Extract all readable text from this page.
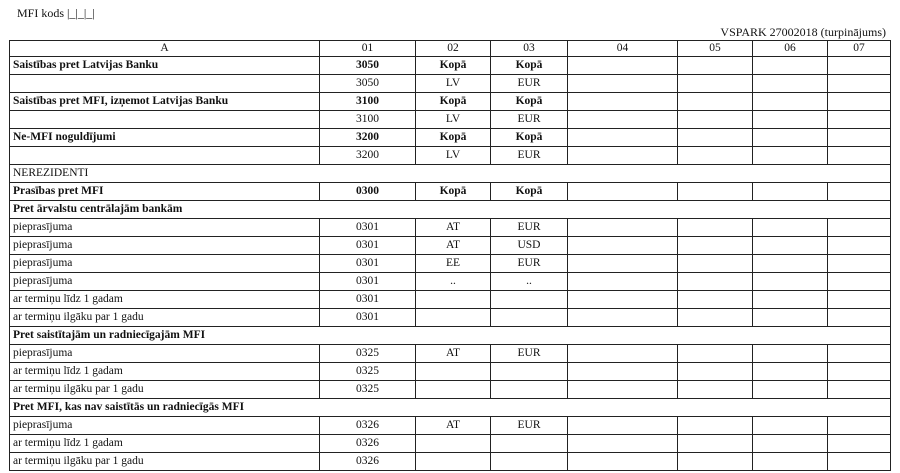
MFI kods |_|_|_|
VSPARK 27002018 (turpinājums)
A	01	02	03	04	05	06	07
Saistības pret Latvijas Banku	3050	Kopā	Kopā				
	3050	LV	EUR				
Saistības pret MFI, izņemot Latvijas Banku	3100	Kopā	Kopā				
	3100	LV	EUR				
Ne-MFI noguldījumi	3200	Kopā	Kopā				
	3200	LV	EUR				
NEREZIDENTI							
Prasības pret MFI	0300	Kopā	Kopā				
Pret ārvalstu centrālajām bankām							
pieprasījuma	0301	AT	EUR				
pieprasījuma	0301	AT	USD				
pieprasījuma	0301	EE	EUR				
pieprasījuma	0301	..	..				
ar termiņu līdz 1 gadam	0301						
ar termiņu ilgāku par 1 gadu	0301						
Pret saistītajām un radniecīgajām MFI							
pieprasījuma	0325	AT	EUR				
ar termiņu līdz 1 gadam	0325						
ar termiņu ilgāku par 1 gadu	0325						
Pret MFI, kas nav saistītās un radniecīgās MFI							
pieprasījuma	0326	AT	EUR				
ar termiņu līdz 1 gadam	0326						
ar termiņu ilgāku par 1 gadu	0326						
